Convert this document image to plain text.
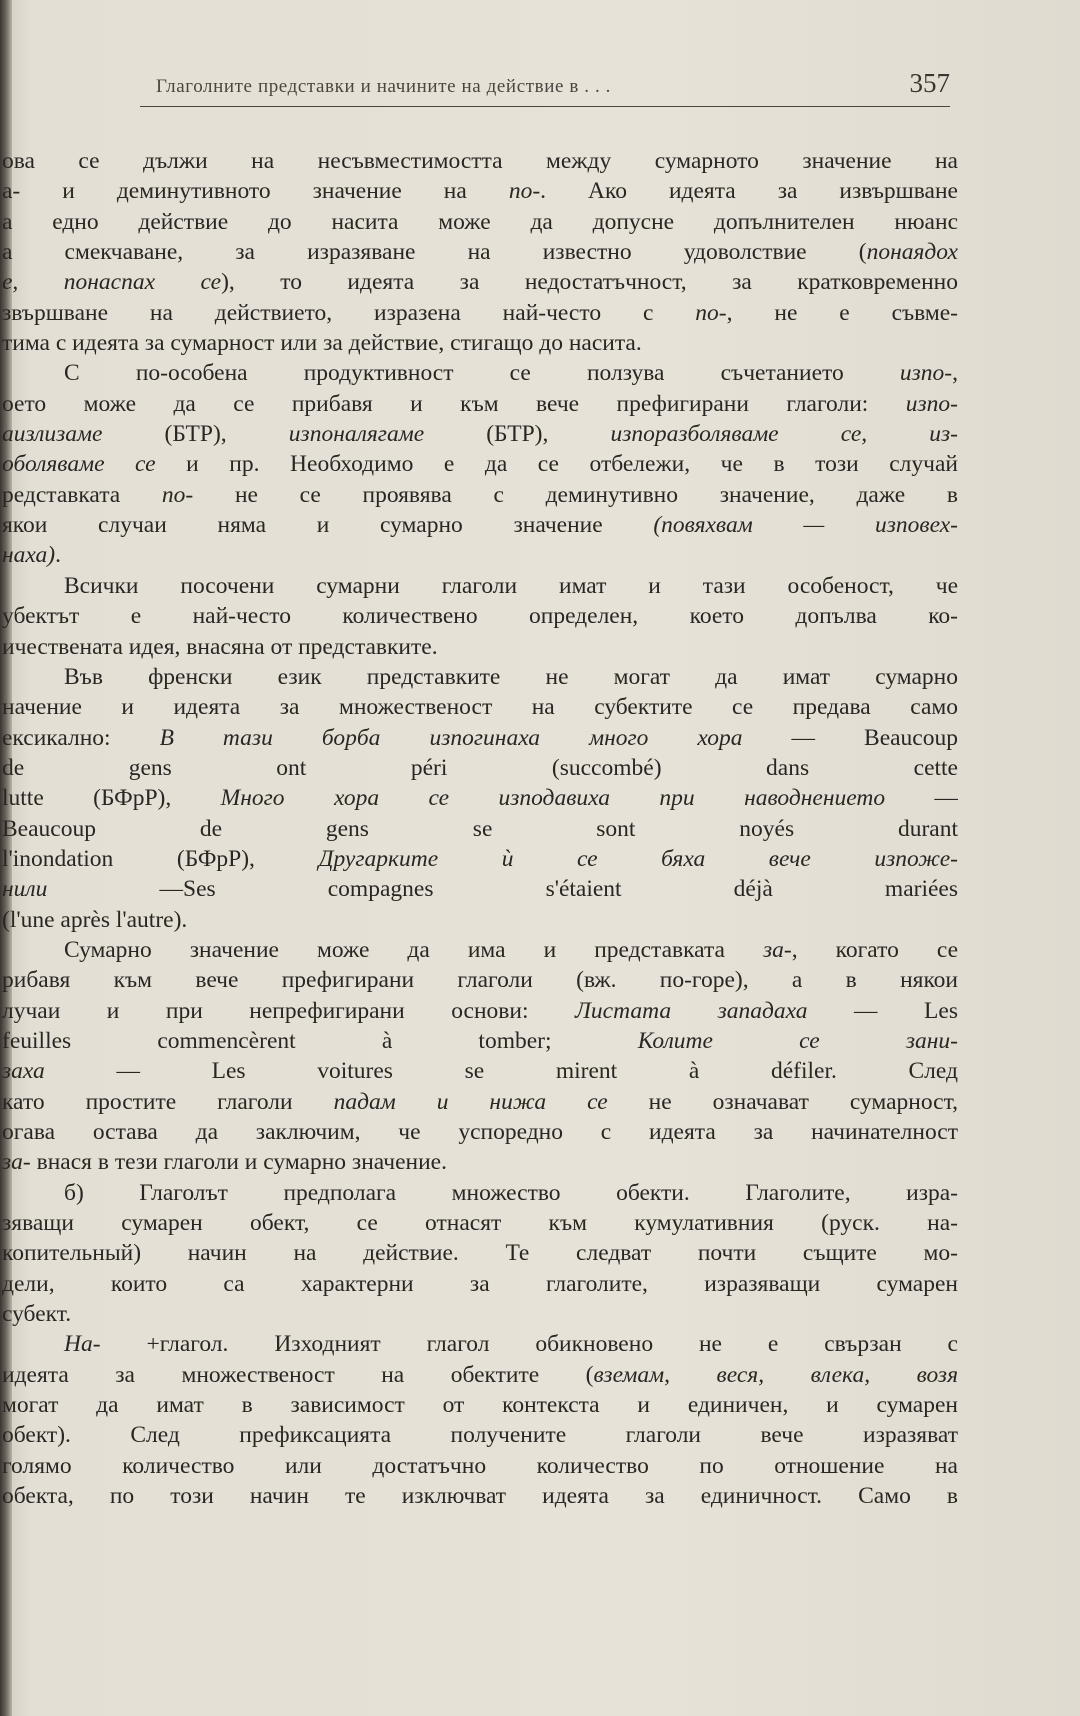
Глаголните представки и начините на действие в . . .	357
ова се дължи на несъвместимостта между сумарното значение на
а- и деминутивното значение на по-. Ако идеята за извършване
а едно действие до насита може да допусне допълнителен нюанс
а смекчаване, за изразяване на известно удоволствие (понаядох
е, понаспах се), то идеята за недостатъчност, за кратковременно
звършване на действието, изразена най-често с по-, не е съвме-
тима с идеята за сумарност или за действие, стигащо до насита.
С по-особена продуктивност се ползува съчетанието изпо-,
оето може да се прибавя и към вече префигирани глаголи: изпо-
аизлизаме (БТР), изпоналягаме (БТР), изпоразболяваме се, из-
оболяваме се и пр. Необходимо е да се отбележи, че в този случай
редставката по- не се проявява с деминутивно значение, даже в
якои случаи няма и сумарно значение (повяхвам — изповех-
наха).
Всички посочени сумарни глаголи имат и тази особеност, че
убектът е най-често количествено определен, което допълва ко-
ичествената идея, внасяна от представките.
Във френски език представките не могат да имат сумарно
начение и идеята за множественост на субектите се предава само
ексикално: В тази борба изпогинаха много хора — Beaucoup
de gens ont péri (succombé) dans cette
lutte (БФрР), Много хора се изподавиха при наводнението —
Beaucoup de gens se sont noyés durant
l'inondation (БФрР), Другарките ѝ се бяха вече изпоже-
нили —Ses compagnes s'étaient déjà mariées
(l'une après l'autre).
Сумарно значение може да има и представката за-, когато се
рибавя към вече префигирани глаголи (вж. по-горе), а в някои
лучаи и при непрефигирани основи: Листата западаха — Les
feuilles commencèrent à tomber; Колите се зани-
заха — Les voitures se mirent à défiler. След
като простите глаголи падам и нижа се не означават сумарност,
огава остава да заключим, че успоредно с идеята за начинателност
за- внася в тези глаголи и сумарно значение.
б) Глаголът предполага множество обекти. Глаголите, изра-
зяващи сумарен обект, се отнасят към кумулативния (руск. на-
копительный) начин на действие. Те следват почти същите мо-
дели, които са характерни за глаголите, изразяващи сумарен
субект.
На- +глагол. Изходният глагол обикновено не е свързан с
идеята за множественост на обектите (вземам, веся, влека, возя
могат да имат в зависимост от контекста и единичен, и сумарен
обект). След префиксацията получените глаголи вече изразяват
голямо количество или достатъчно количество по отношение на
обекта, по този начин те изключват идеята за единичност. Само в
